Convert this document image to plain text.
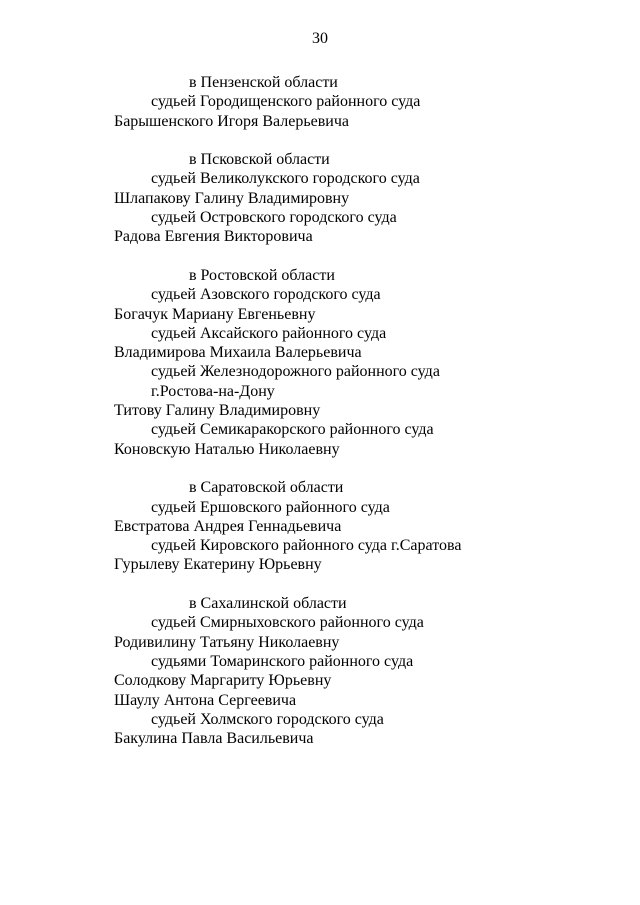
30
в Пензенской области
судьей Городищенского районного суда
Барышенского Игоря Валерьевича
в Псковской области
судьей Великолукского городского суда
Шлапакову Галину Владимировну
судьей Островского городского суда
Радова Евгения Викторовича
в Ростовской области
судьей Азовского городского суда
Богачук Мариану Евгеньевну
судьей Аксайского районного суда
Владимирова Михаила Валерьевича
судьей Железнодорожного районного суда
г.Ростова-на-Дону
Титову Галину Владимировну
судьей Семикаракорского районного суда
Коновскую Наталью Николаевну
в Саратовской области
судьей Ершовского районного суда
Евстратова Андрея Геннадьевича
судьей Кировского районного суда г.Саратова
Гурылеву Екатерину Юрьевну
в Сахалинской области
судьей Смирныховского районного суда
Родивилину Татьяну Николаевну
судьями Томаринского районного суда
Солодкову Маргариту Юрьевну
Шаулу Антона Сергеевича
судьей Холмского городского суда
Бакулина Павла Васильевича
